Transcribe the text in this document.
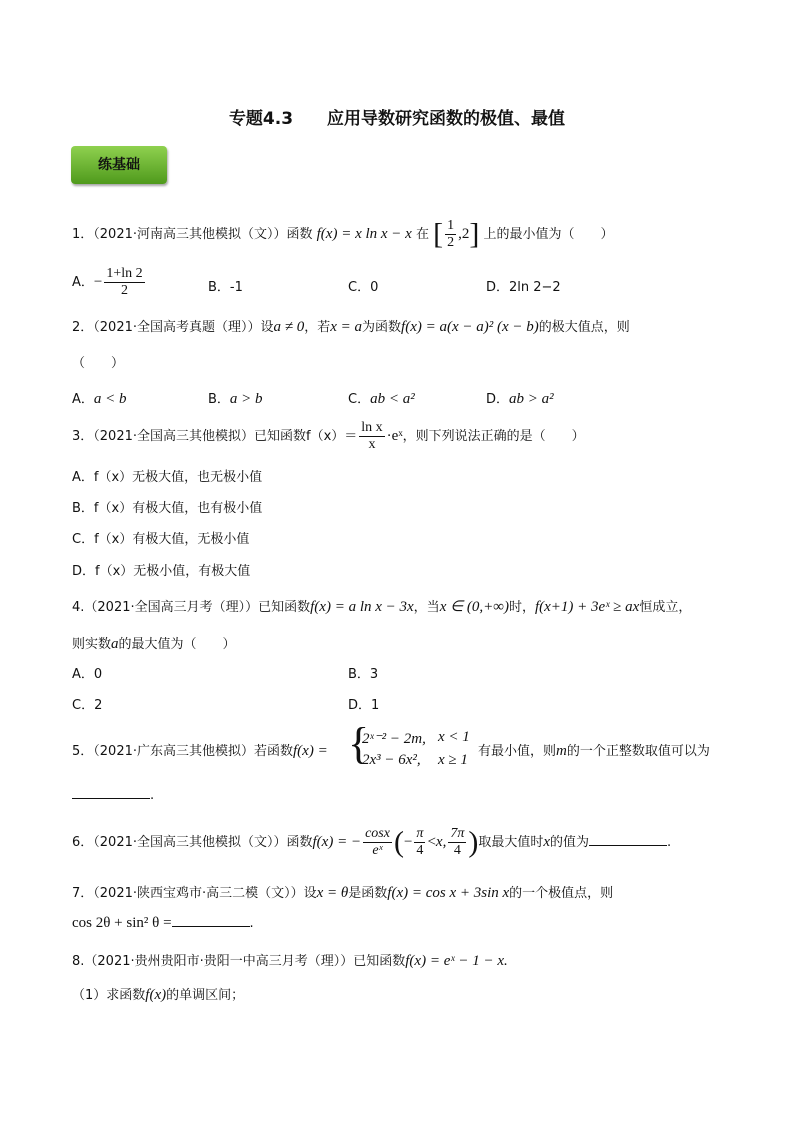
专题4.3　　应用导数研究函数的极值、最值
练基础
1．（2021·河南高三其他模拟（文））函数 f(x) = x ln x − x 在 [ $\frac{1}{2} ,2$] 上的最小值为（　　）
A．− $\frac{1+\ln 2}{2}$	B．-1	C．0	D．2ln 2−2
2．（2021·全国高考真题（理））设a ≠ 0，若x = a为函数f(x) = a(x − a)² (x − b)的极大值点，则
（　　）
A．a < b	B．a > b	C．ab < a²	D．ab > a²
3．（2021·全国高三其他模拟）已知函数$f(x)= \frac{\text{ln x}}{x}$ ·eˣ，则下列说法正确的是（　　）
A．f（x）无极大值，也无极小值
B．f（x）有极大值，也有极小值
C．f（x）有极大值，无极小值
D．f（x）无极小值，有极大值
4.（2021·全国高三月考（理））已知函数f(x) = a ln x − 3x，当x ∈ (0,+∞)时，f(x+1) + 3eˣ ≥ ax恒成立，
则实数a的最大值为（　　）
A．0	B．3
C．2	D．1
5．（2021·广东高三其他模拟）若函数f(x) = {
2ˣ⁻² − 2m, x < 1
2x³ − 6x², x ≥ 1
有最小值，则m的一个正整数取值可以为
.
6．（2021·全国高三其他模拟（文））函数f(x) = − $\frac{\cos x}{\text{eˣ}}$ (− $\frac{\pi}{4} <x$, $\frac{7\pi}{4}$ )取最大值时x的值为	.
7．（2021·陕西宝鸡市·高三二模（文））设x = θ是函数f(x) = cos x + 3sin x的一个极值点，则
cos 2θ + sin² θ =	.
8.（2021·贵州贵阳市·贵阳一中高三月考（理））已知函数f(x) = eˣ − 1 − x.
（1）求函数f(x)的单调区间；
